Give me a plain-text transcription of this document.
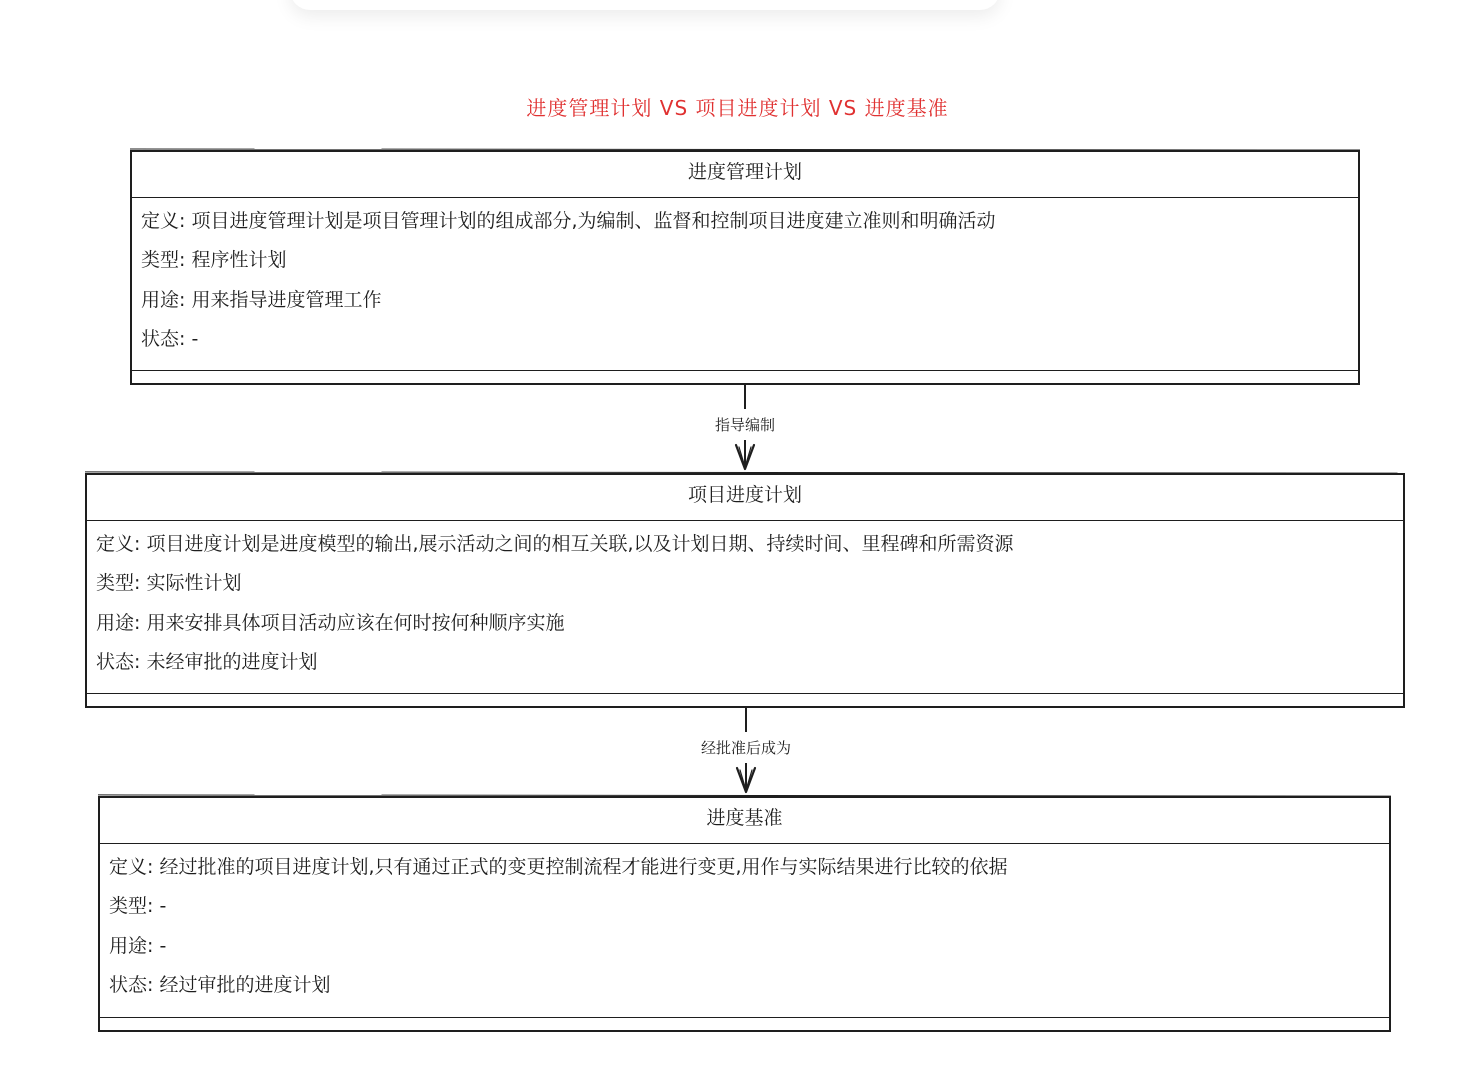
进度管理计划 VS 项目进度计划 VS 进度基准
进度管理计划
定义: 项目进度管理计划是项目管理计划的组成部分,为编制、监督和控制项目进度建立准则和明确活动
类型: 程序性计划
用途: 用来指导进度管理工作
状态: -
指导编制
项目进度计划
定义: 项目进度计划是进度模型的输出,展示活动之间的相互关联,以及计划日期、持续时间、里程碑和所需资源
类型: 实际性计划
用途: 用来安排具体项目活动应该在何时按何种顺序实施
状态: 未经审批的进度计划
经批准后成为
进度基准
定义: 经过批准的项目进度计划,只有通过正式的变更控制流程才能进行变更,用作与实际结果进行比较的依据
类型: -
用途: -
状态: 经过审批的进度计划
